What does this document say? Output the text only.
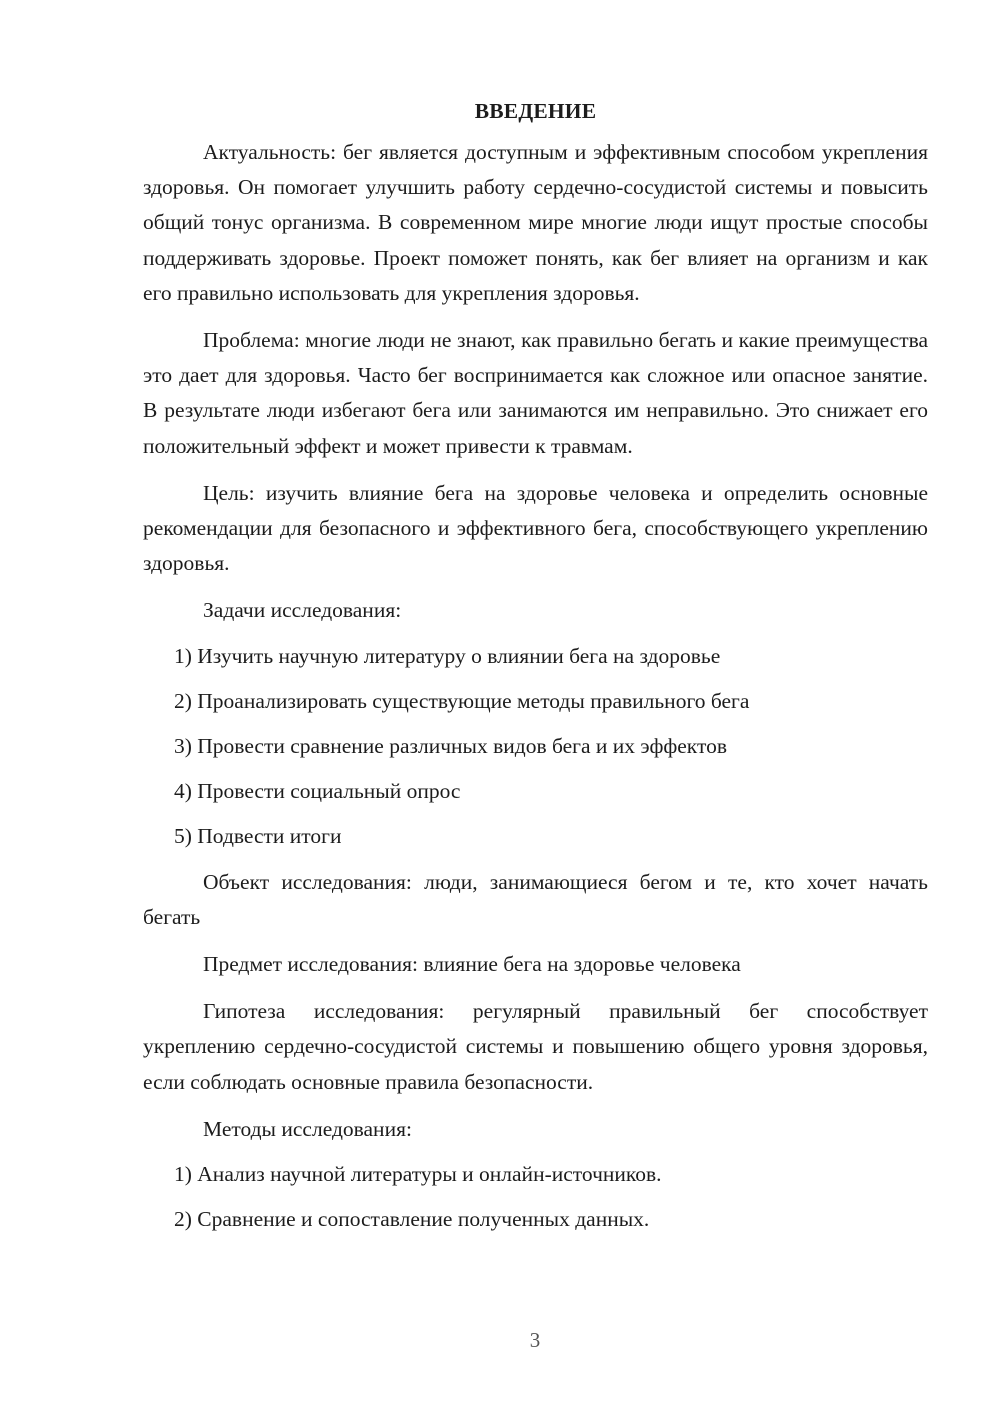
ВВЕДЕНИЕ

Актуальность: бег является доступным и эффективным способом укрепления здоровья. Он помогает улучшить работу сердечно-сосудистой системы и повысить общий тонус организма. В современном мире многие люди ищут простые способы поддерживать здоровье. Проект поможет понять, как бег влияет на организм и как его правильно использовать для укрепления здоровья.

Проблема: многие люди не знают, как правильно бегать и какие преимущества это дает для здоровья. Часто бег воспринимается как сложное или опасное занятие. В результате люди избегают бега или занимаются им неправильно. Это снижает его положительный эффект и может привести к травмам.

Цель: изучить влияние бега на здоровье человека и определить основные рекомендации для безопасного и эффективного бега, способствующего укреплению здоровья.

Задачи исследования:

1) Изучить научную литературу о влиянии бега на здоровье
2) Проанализировать существующие методы правильного бега
3) Провести сравнение различных видов бега и их эффектов
4) Провести социальный опрос
5) Подвести итоги

Объект исследования: люди, занимающиеся бегом и те, кто хочет начать бегать

Предмет исследования: влияние бега на здоровье человека

Гипотеза исследования: регулярный правильный бег способствует укреплению сердечно-сосудистой системы и повышению общего уровня здоровья, если соблюдать основные правила безопасности.

Методы исследования:

1) Анализ научной литературы и онлайн-источников.
2) Сравнение и сопоставление полученных данных.
3
